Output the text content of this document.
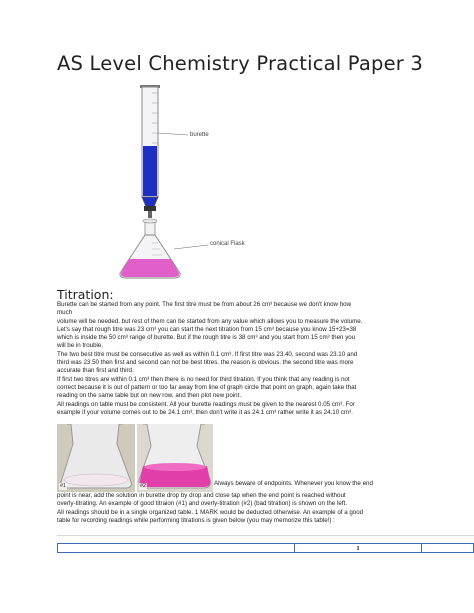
AS Level Chemistry Practical Paper 3
burette
conical Flask
Titration:

Burette can be started from any point. The first titre must be from about 26 cm³ because we don't know how

much

volume will be needed. but rest of them can be started from any value which allows you to measure the volume.

Let's say that rough titre was 23 cm³ you can start the next titration from 15 cm³ because you know 15+23=38

which is inside the 50 cm³ range of burette. But if the rough titre is 38 cm³ and you start from 15 cm³ then you

will be in trouble.

The two best titre must be consecutive as well as within 0.1 cm³. If first titre was 23.40, second was 23.10 and

third was 23.50 then first and second can not be best titres. the reason is obvious. the second titre was more

accurate than first and third.

If first two titres are within 0.1 cm³ then there is no need for third titration. If you think that any reading is not

correct because it is out of pattern or too far away from line of graph circle that point on graph, again take that

reading on the same table but on new row, and then plot new point.

All readings on table must be consistent. All your burette readings must be given to the nearest 0.05 cm³. For

example if your volume comes out to be 24.1 cm³, then don't write it as 24.1 cm³ rather write it as 24.10 cm³.

#1	#2	Always beware of endpoints. Whenever you know the end

point is near, add the solution in burette drop by drop and close tap when the end point is reached without

overly-titrating. An example of good titraion (#1) and overly-titration (#2) (bad titration) is shown on the left.

All readings should be in a single organized table. 1 MARK would be deducted otherwise. An example of a good

table for recording readings while performing titrations is given below (you may memorize this table!) :

	1	
